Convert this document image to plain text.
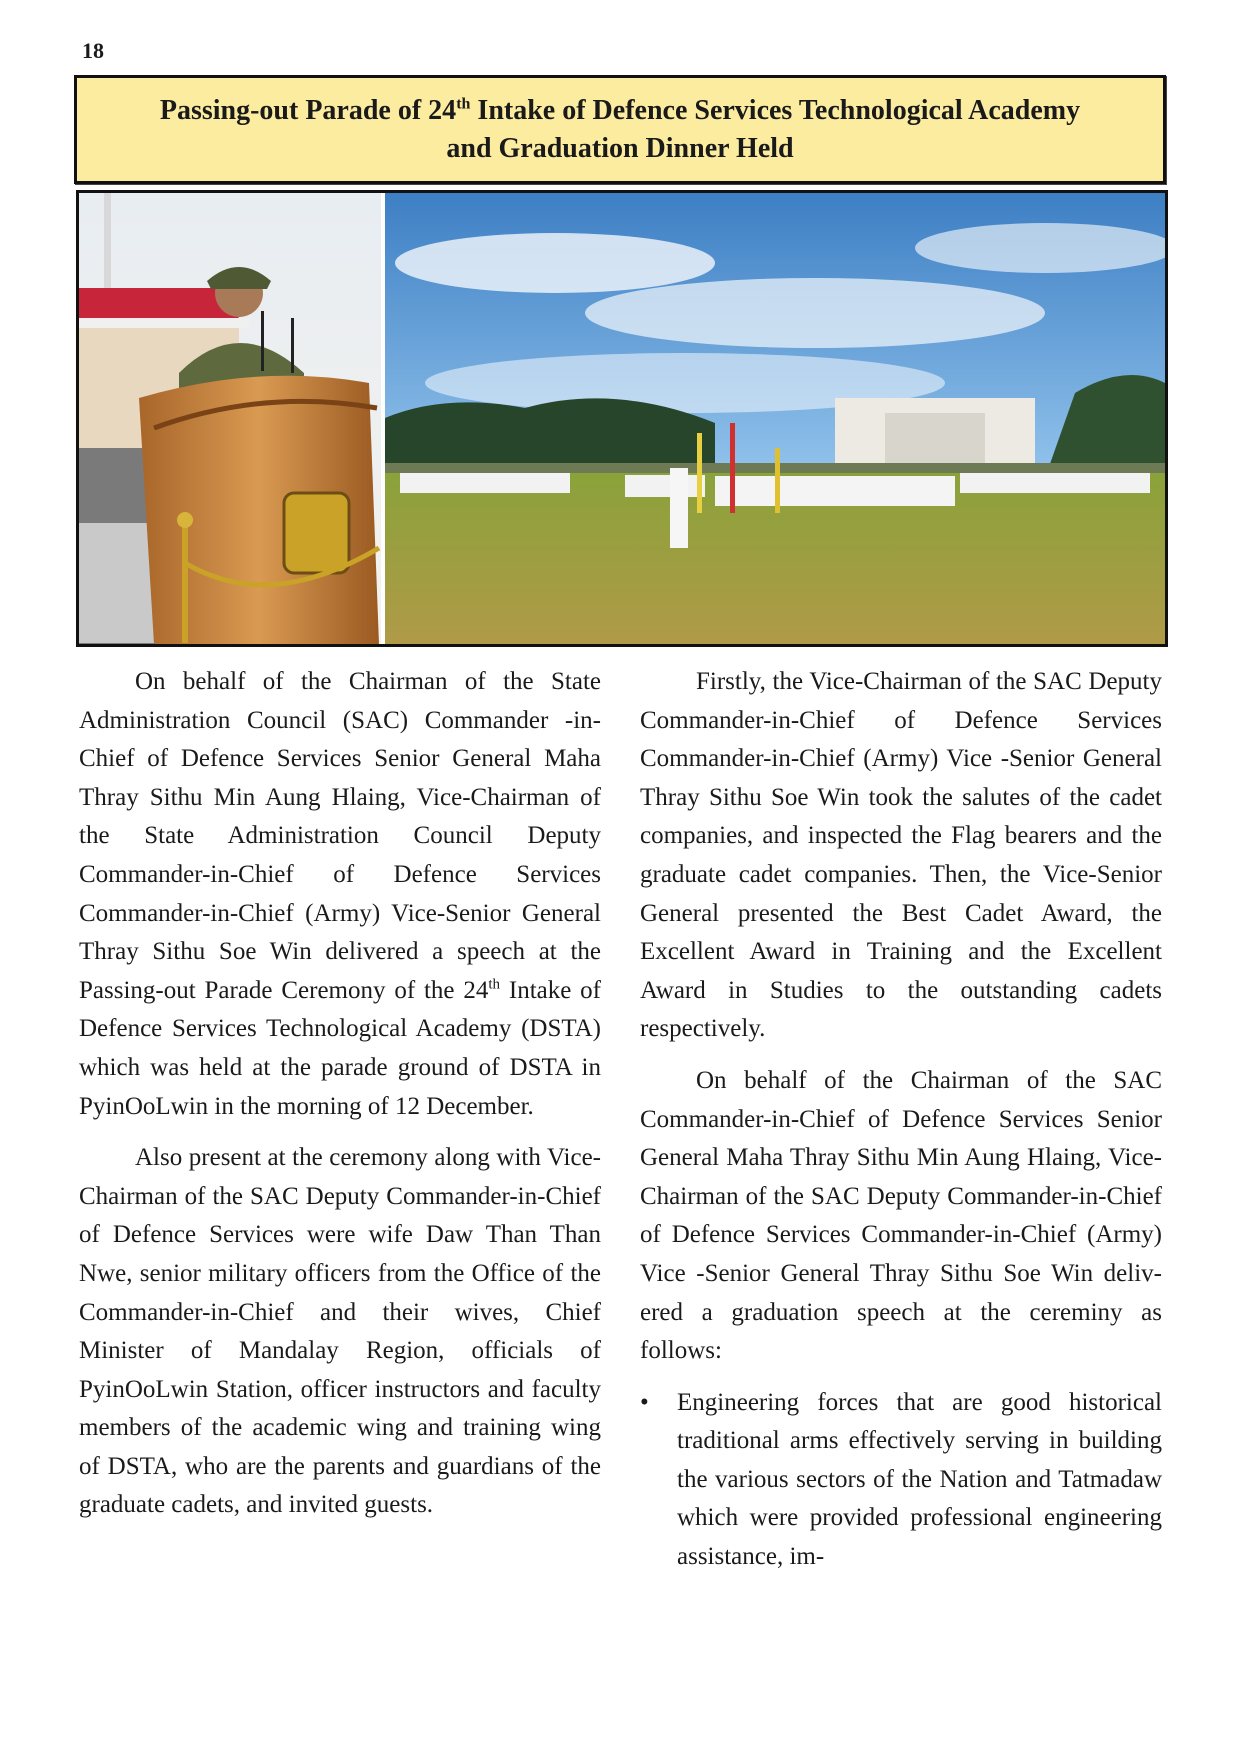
18
Passing-out Parade of 24th Intake of Defence Services Technological Academy
and Graduation Dinner Held

On behalf of the Chairman of the State Administration Council (SAC) Commander -in-Chief of Defence Services Senior General Maha Thray Sithu Min Aung Hlaing, Vice-Chairman of the State Administration Council Deputy Commander-in-Chief of Defence Services Commander-in-Chief (Army) Vice-Senior General Thray Sithu Soe Win delivered a speech at the Passing-out Parade Ceremony of the 24th Intake of Defence Services Technological Academy (DSTA) which was held at the parade ground of DSTA in PyinOoLwin in the morning of 12 December.

Also present at the ceremony along with Vice-Chairman of the SAC Deputy Commander-in-Chief of Defence Services were wife Daw Than Than Nwe, senior military officers from the Office of the Commander-in-Chief and their wives, Chief Minister of Mandalay Region, officials of PyinOoLwin Station, officer instructors and faculty members of the academic wing and training wing of DSTA, who are the parents and guardians of the graduate cadets, and invited guests.

Firstly, the Vice-Chairman of the SAC Deputy Commander-in-Chief of Defence Services Commander-in-Chief (Army) Vice -Senior General Thray Sithu Soe Win took the salutes of the cadet companies, and inspected the Flag bearers and the graduate cadet companies. Then, the Vice-Senior General presented the Best Cadet Award, the Excellent Award in Training and the Excellent Award in Studies to the outstanding cadets respectively.

On behalf of the Chairman of the SAC Commander-in-Chief of Defence Services Senior General Maha Thray Sithu Min Aung Hlaing, Vice-Chairman of the SAC Deputy Commander-in-Chief of Defence Services Commander-in-Chief (Army) Vice -Senior General Thray Sithu Soe Win delivered a graduation speech at the cereminy as follows:

• Engineering forces that are good historical traditional arms effectively serving in building the various sectors of the Nation and Tatmadaw which were provided professional engineering assistance, im-
